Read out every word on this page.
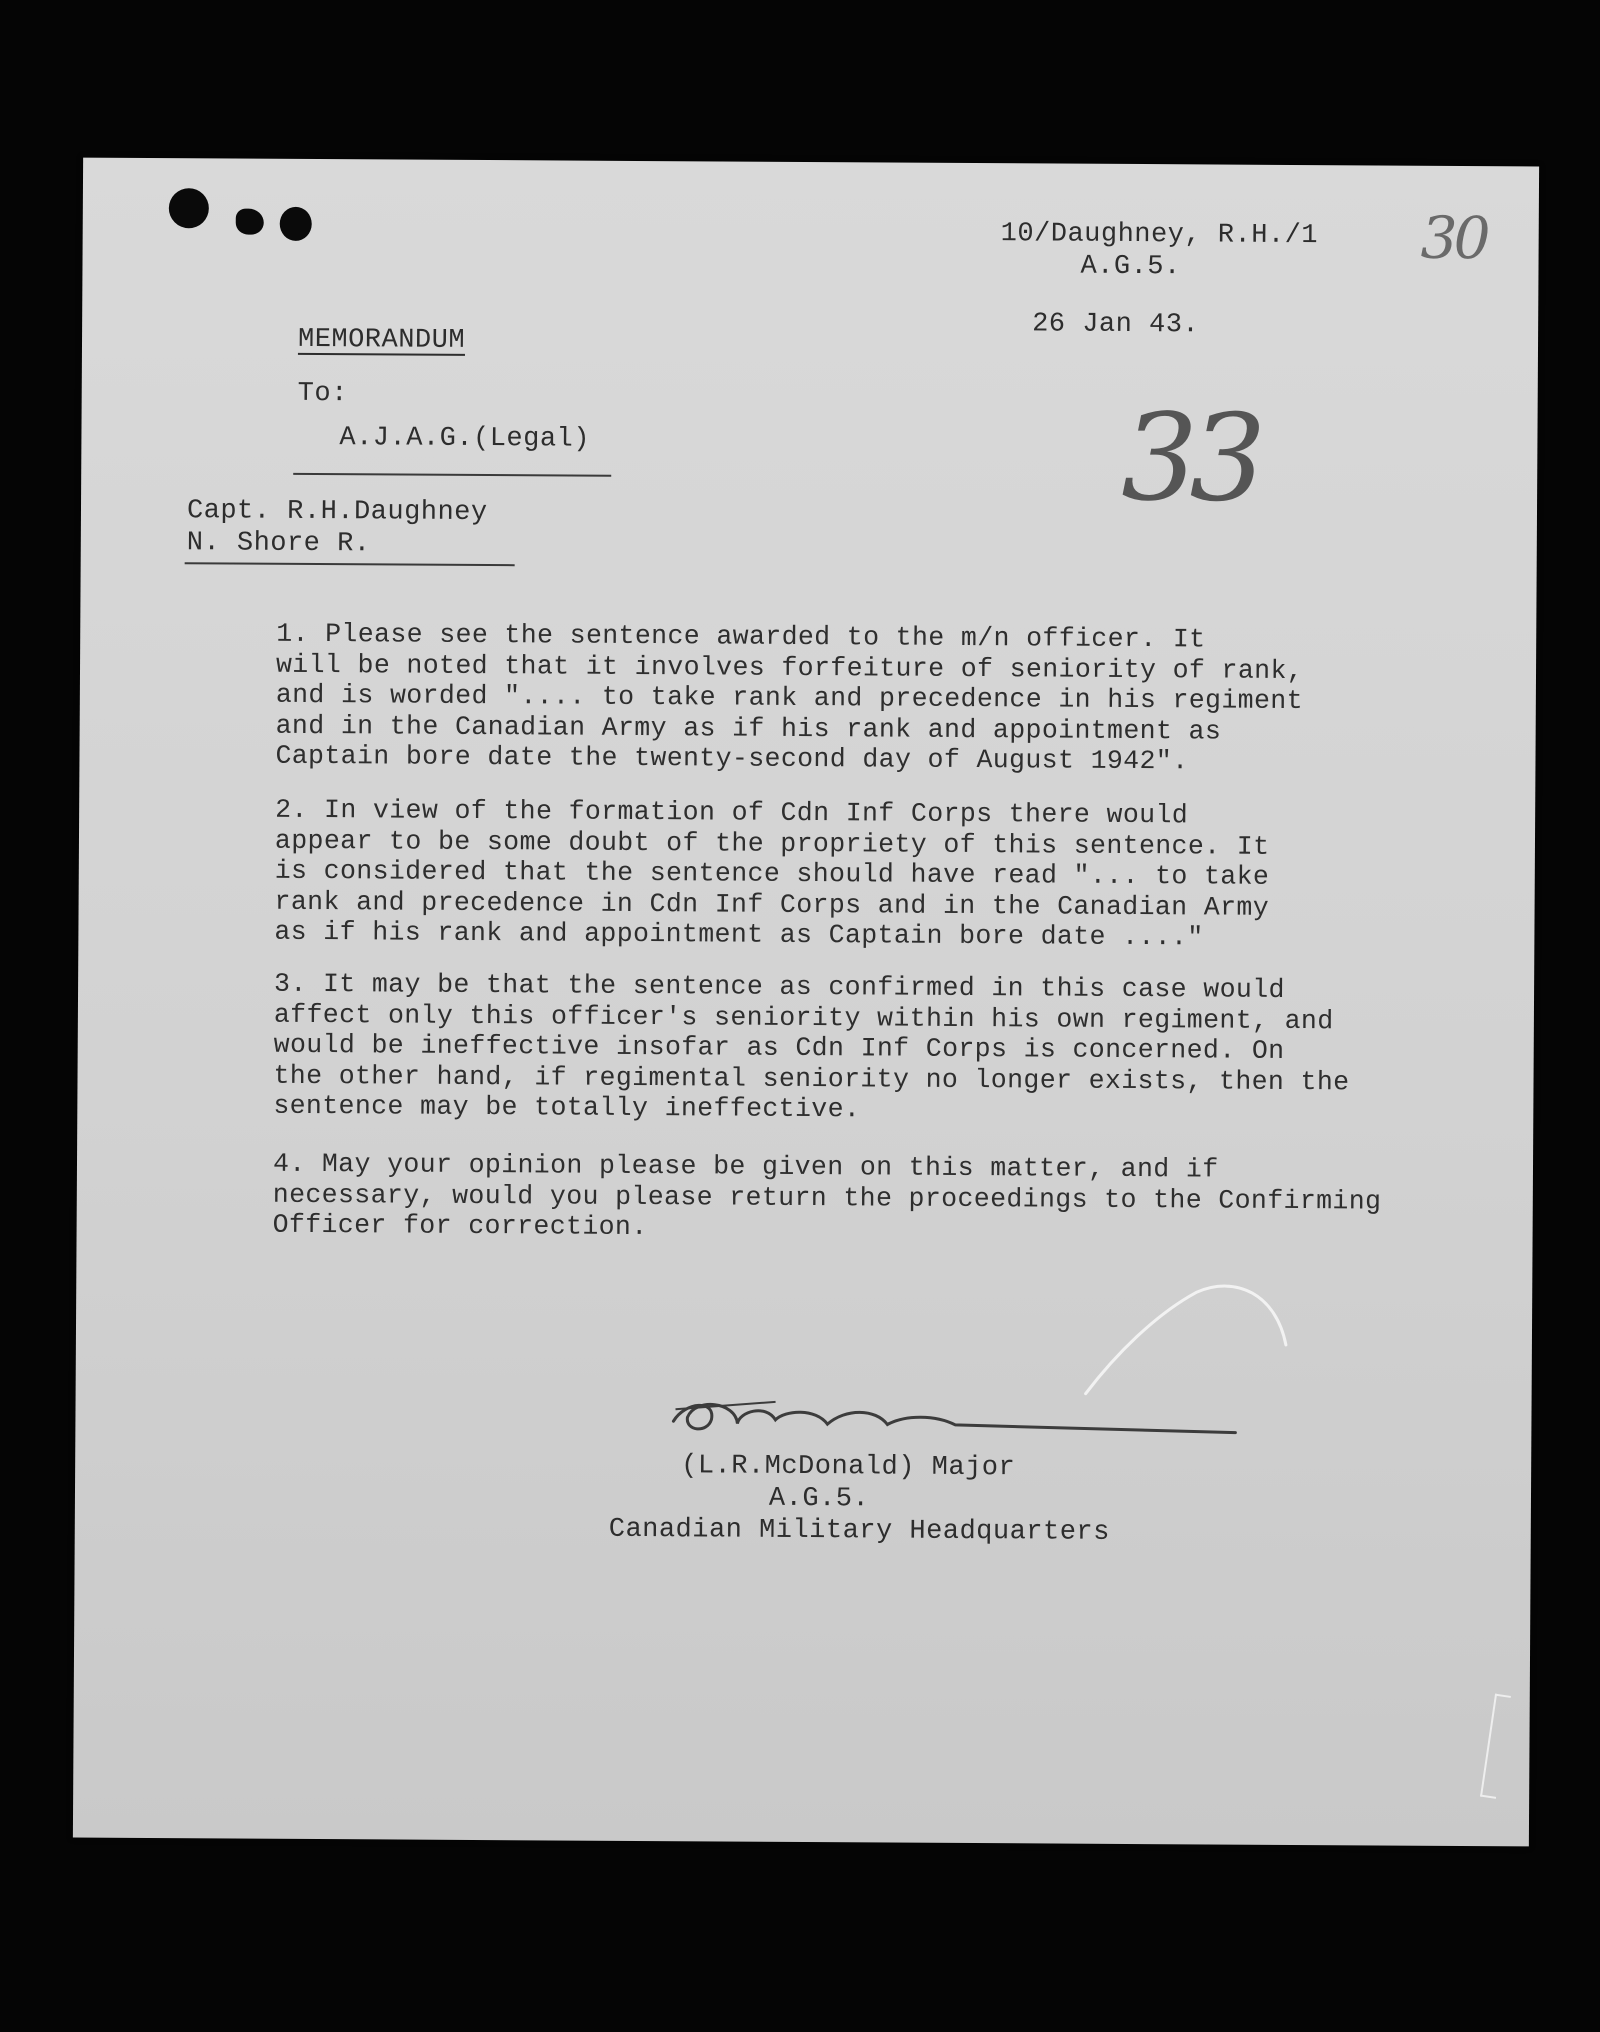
10/Daughney, R.H./1
A.G.5.
26 Jan 43.
30
33
MEMORANDUM
To:
A.J.A.G.(Legal)
Capt. R.H.Daughney
N. Shore R.
1. Please see the sentence awarded to the m/n officer. It
will be noted that it involves forfeiture of seniority of rank,
and is worded ".... to take rank and precedence in his regiment
and in the Canadian Army as if his rank and appointment as
Captain bore date the twenty-second day of August 1942".
2. In view of the formation of Cdn Inf Corps there would
appear to be some doubt of the propriety of this sentence. It
is considered that the sentence should have read "... to take
rank and precedence in Cdn Inf Corps and in the Canadian Army
as if his rank and appointment as Captain bore date ...."
3. It may be that the sentence as confirmed in this case would
affect only this officer's seniority within his own regiment, and
would be ineffective insofar as Cdn Inf Corps is concerned. On
the other hand, if regimental seniority no longer exists, then the
sentence may be totally ineffective.
4. May your opinion please be given on this matter, and if
necessary, would you please return the proceedings to the Confirming
Officer for correction.
(L.R.McDonald) Major
A.G.5.
Canadian Military Headquarters
